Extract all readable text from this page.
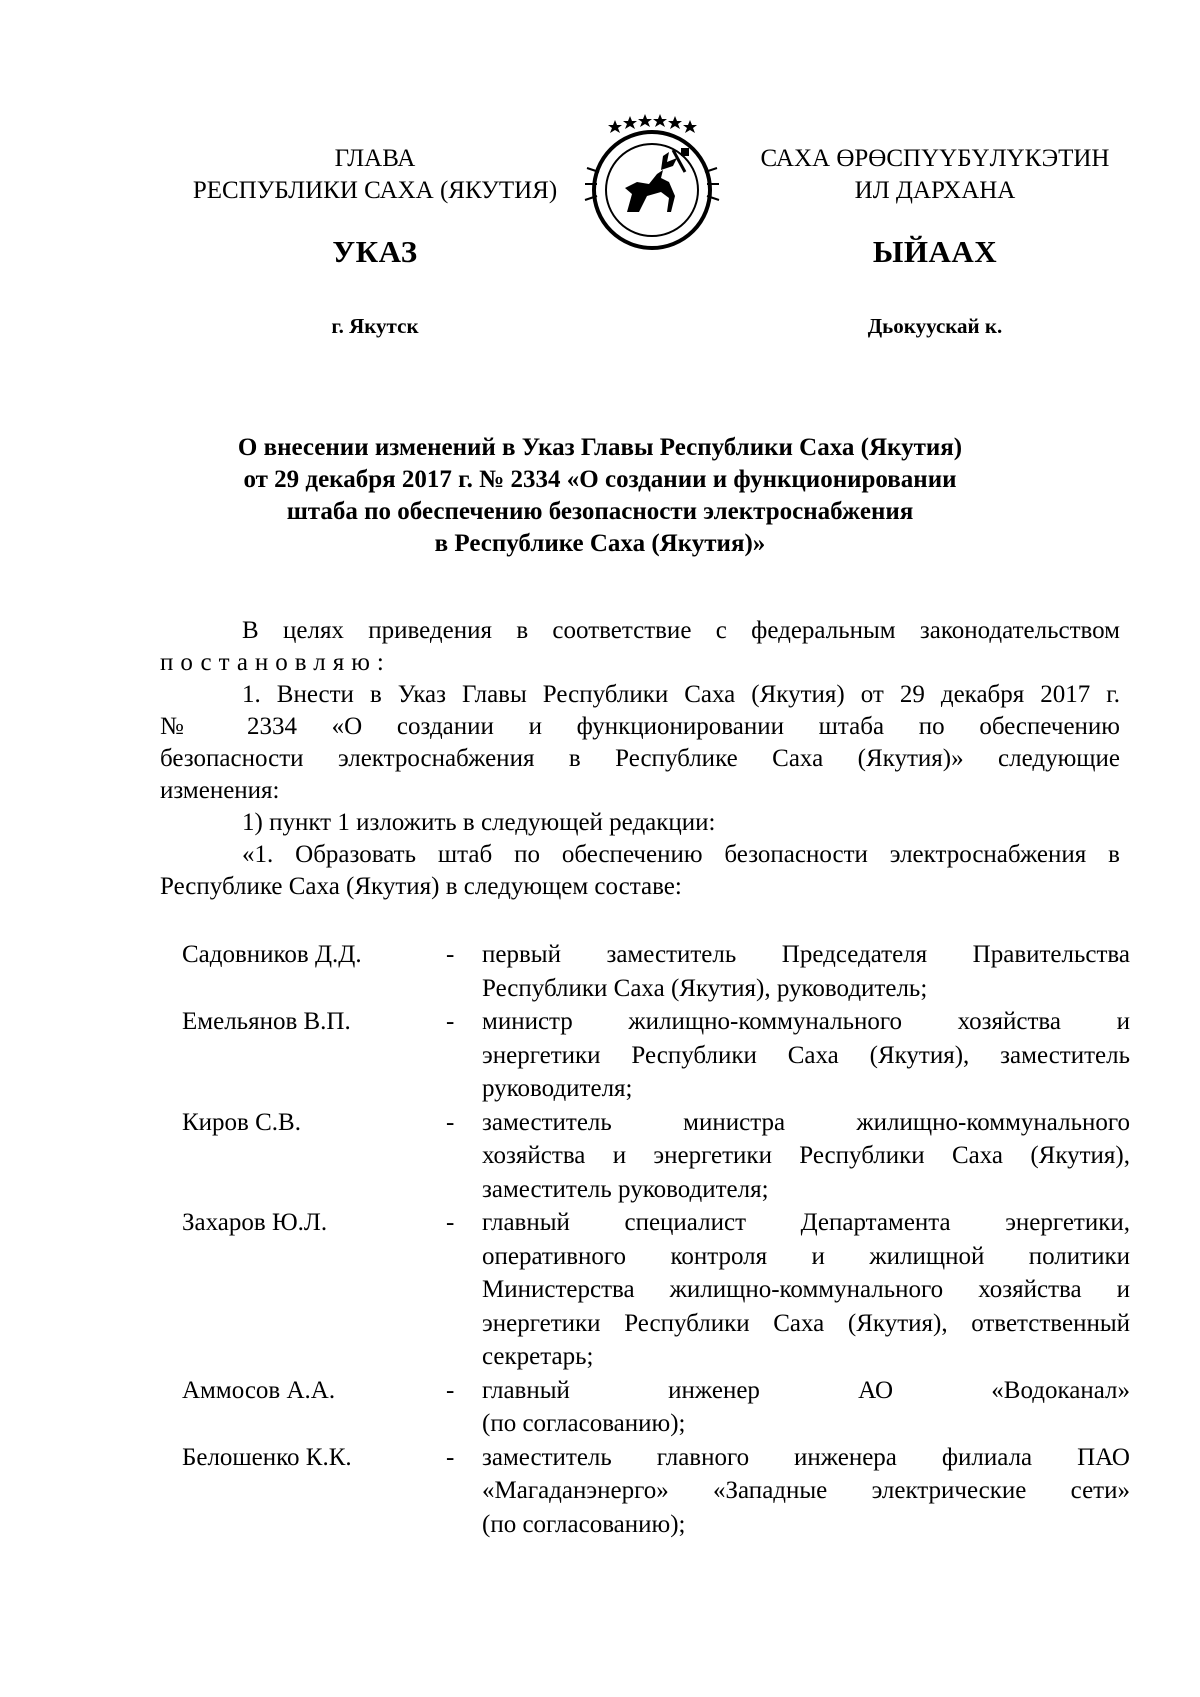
ГЛАВА
РЕСПУБЛИКИ САХА (ЯКУТИЯ)
САХА ӨРӨСПҮҮБҮЛҮКЭТИН
ИЛ ДАРХАНА
УКАЗ	ЫЙААХ
г. Якутск	Дьокуускай к.
О внесении изменений в Указ Главы Республики Саха (Якутия)
от 29 декабря 2017 г. № 2334 «О создании и функционировании
штаба по обеспечению безопасности электроснабжения
в Республике Саха (Якутия)»
В целях приведения в соответствие с федеральным законодательством
постановляю:
1. Внести в Указ Главы Республики Саха (Якутия) от 29 декабря 2017 г.
№ 2334 «О создании и функционировании штаба по обеспечению
безопасности электроснабжения в Республике Саха (Якутия)» следующие
изменения:
1) пункт 1 изложить в следующей редакции:
«1. Образовать штаб по обеспечению безопасности электроснабжения в
Республике Саха (Якутия) в следующем составе:
Садовников Д.Д.	-	первый заместитель Председателя Правительства
Республики Саха (Якутия), руководитель;
Емельянов В.П.	-	министр жилищно-коммунального хозяйства и
энергетики Республики Саха (Якутия), заместитель
руководителя;
Киров С.В.	-	заместитель министра жилищно-коммунального
хозяйства и энергетики Республики Саха (Якутия),
заместитель руководителя;
Захаров Ю.Л.	-	главный специалист Департамента энергетики,
оперативного контроля и жилищной политики
Министерства жилищно-коммунального хозяйства и
энергетики Республики Саха (Якутия), ответственный
секретарь;
Аммосов А.А.	-	главный инженер АО «Водоканал»
(по согласованию);
Белошенко К.К.	-	заместитель главного инженера филиала ПАО
«Магаданэнерго» «Западные электрические сети»
(по согласованию);
